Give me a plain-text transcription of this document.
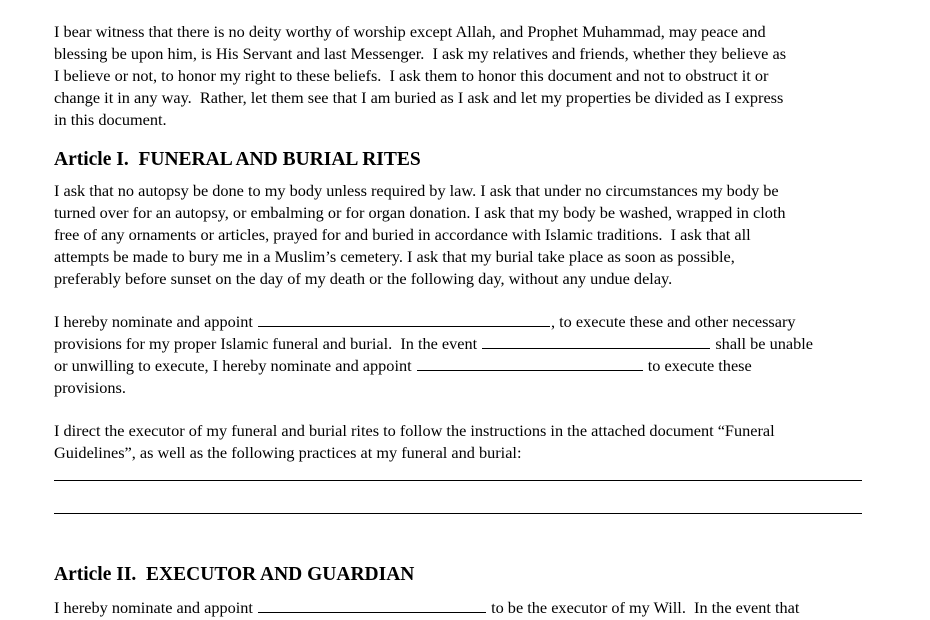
I bear witness that there is no deity worthy of worship except Allah, and Prophet Muhammad, may peace and
blessing be upon him, is His Servant and last Messenger.  I ask my relatives and friends, whether they believe as
I believe or not, to honor my right to these beliefs.  I ask them to honor this document and not to obstruct it or
change it in any way.  Rather, let them see that I am buried as I ask and let my properties be divided as I express
in this document.
Article I.  FUNERAL AND BURIAL RITES
I ask that no autopsy be done to my body unless required by law. I ask that under no circumstances my body be
turned over for an autopsy, or embalming or for organ donation. I ask that my body be washed, wrapped in cloth
free of any ornaments or articles, prayed for and buried in accordance with Islamic traditions.  I ask that all
attempts be made to bury me in a Muslim’s cemetery. I ask that my burial take place as soon as possible,
preferably before sunset on the day of my death or the following day, without any undue delay.
I hereby nominate and appoint	, to execute these and other necessary
provisions for my proper Islamic funeral and burial.  In the event	shall be unable
or unwilling to execute, I hereby nominate and appoint	to execute these
provisions.
I direct the executor of my funeral and burial rites to follow the instructions in the attached document “Funeral
Guidelines”, as well as the following practices at my funeral and burial:
Article II.  EXECUTOR AND GUARDIAN
I hereby nominate and appoint	to be the executor of my Will.  In the event that
